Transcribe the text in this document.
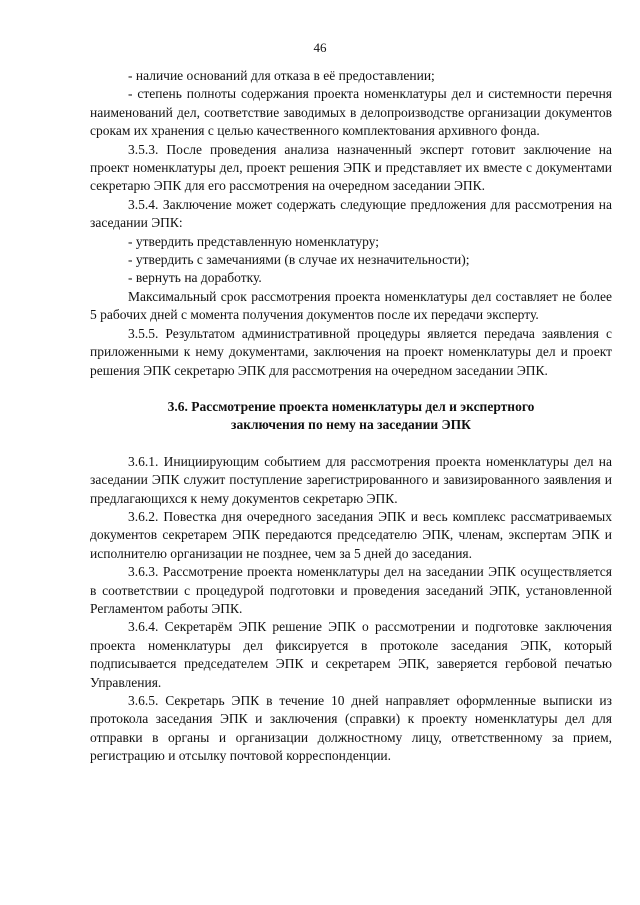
46

- наличие оснований для отказа в её предоставлении;

- степень полноты содержания проекта номенклатуры дел и системности перечня наименований дел, соответствие заводимых в делопроизводстве организации документов срокам их хранения с целью качественного комплектования архивного фонда.

3.5.3. После проведения анализа назначенный эксперт готовит заключение на проект номенклатуры дел, проект решения ЭПК и представляет их вместе с документами секретарю ЭПК для его рассмотрения на очередном заседании ЭПК.

3.5.4. Заключение может содержать следующие предложения для рассмотрения на заседании ЭПК:

- утвердить представленную номенклатуру;

- утвердить с замечаниями (в случае их незначительности);

- вернуть на доработку.

Максимальный срок рассмотрения проекта номенклатуры дел составляет не более 5 рабочих дней с момента получения документов после их передачи эксперту.

3.5.5. Результатом административной процедуры является передача заявления с приложенными к нему документами, заключения на проект номенклатуры дел и проект решения ЭПК секретарю ЭПК для рассмотрения на очередном заседании ЭПК.

3.6. Рассмотрение проекта номенклатуры дел и экспертного
заключения по нему на заседании ЭПК

3.6.1. Инициирующим событием для рассмотрения проекта номенклатуры дел на заседании ЭПК служит поступление зарегистрированного и завизированного заявления и предлагающихся к нему документов секретарю ЭПК.

3.6.2. Повестка дня очередного заседания ЭПК и весь комплекс рассматриваемых документов секретарем ЭПК передаются председателю ЭПК, членам, экспертам ЭПК и исполнителю организации не позднее, чем за 5 дней до заседания.

3.6.3. Рассмотрение проекта номенклатуры дел на заседании ЭПК осуществляется в соответствии с процедурой подготовки и проведения заседаний ЭПК, установленной Регламентом работы ЭПК.

3.6.4. Секретарём ЭПК решение ЭПК о рассмотрении и подготовке заключения проекта номенклатуры дел фиксируется в протоколе заседания ЭПК, который подписывается председателем ЭПК и секретарем ЭПК, заверяется гербовой печатью Управления.

3.6.5. Секретарь ЭПК в течение 10 дней направляет оформленные выписки из протокола заседания ЭПК и заключения (справки) к проекту номенклатуры дел для отправки в органы и организации должностному лицу, ответственному за прием, регистрацию и отсылку почтовой корреспонденции.
